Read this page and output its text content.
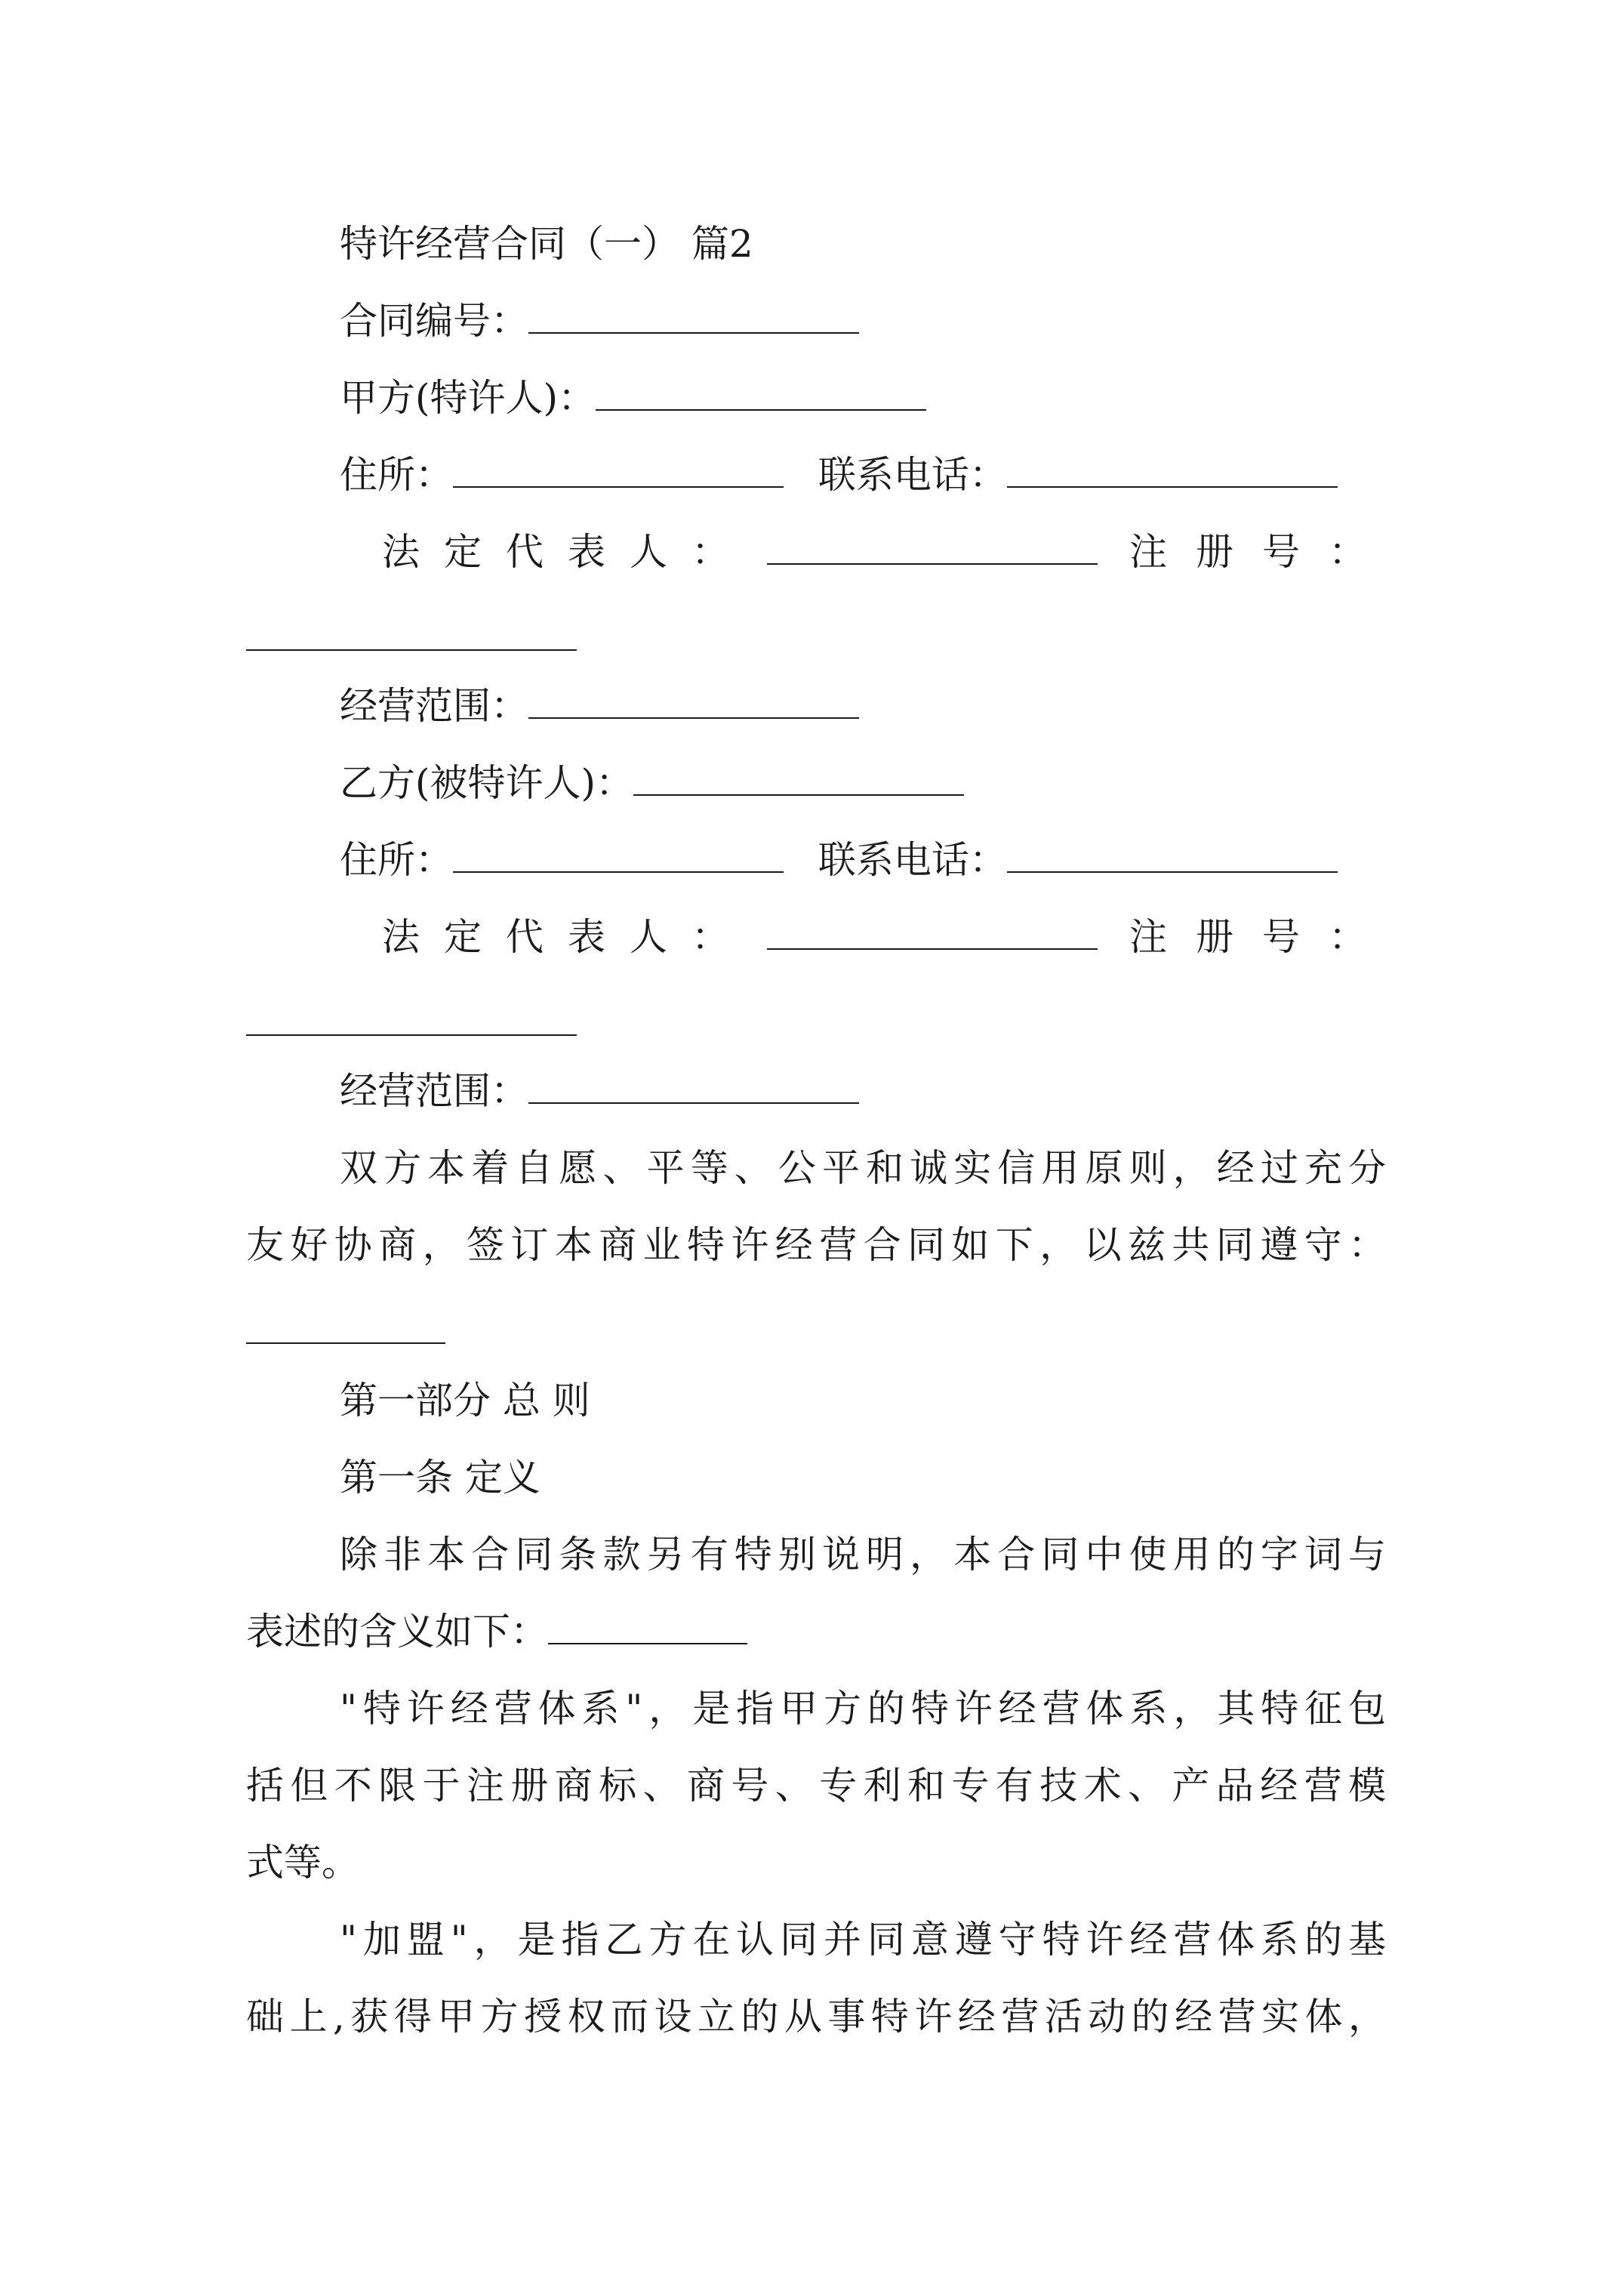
特许经营合同（一） 篇2
合同编号：
甲方(特许人)：
住所：	联系电话：
法定代表人：	注册号：
经营范围：
乙方(被特许人)：
住所：	联系电话：
法定代表人：	注册号：
经营范围：
双方本着自愿、平等、公平和诚实信用原则，经过充分
友好协商，签订本商业特许经营合同如下，以兹共同遵守：
第一部分 总 则
第一条 定义
除非本合同条款另有特别说明，本合同中使用的字词与
表述的含义如下：
"特许经营体系"，是指甲方的特许经营体系，其特征包
括但不限于注册商标、商号、专利和专有技术、产品经营模
式等。
"加盟"，是指乙方在认同并同意遵守特许经营体系的基
础上,获得甲方授权而设立的从事特许经营活动的经营实体，
